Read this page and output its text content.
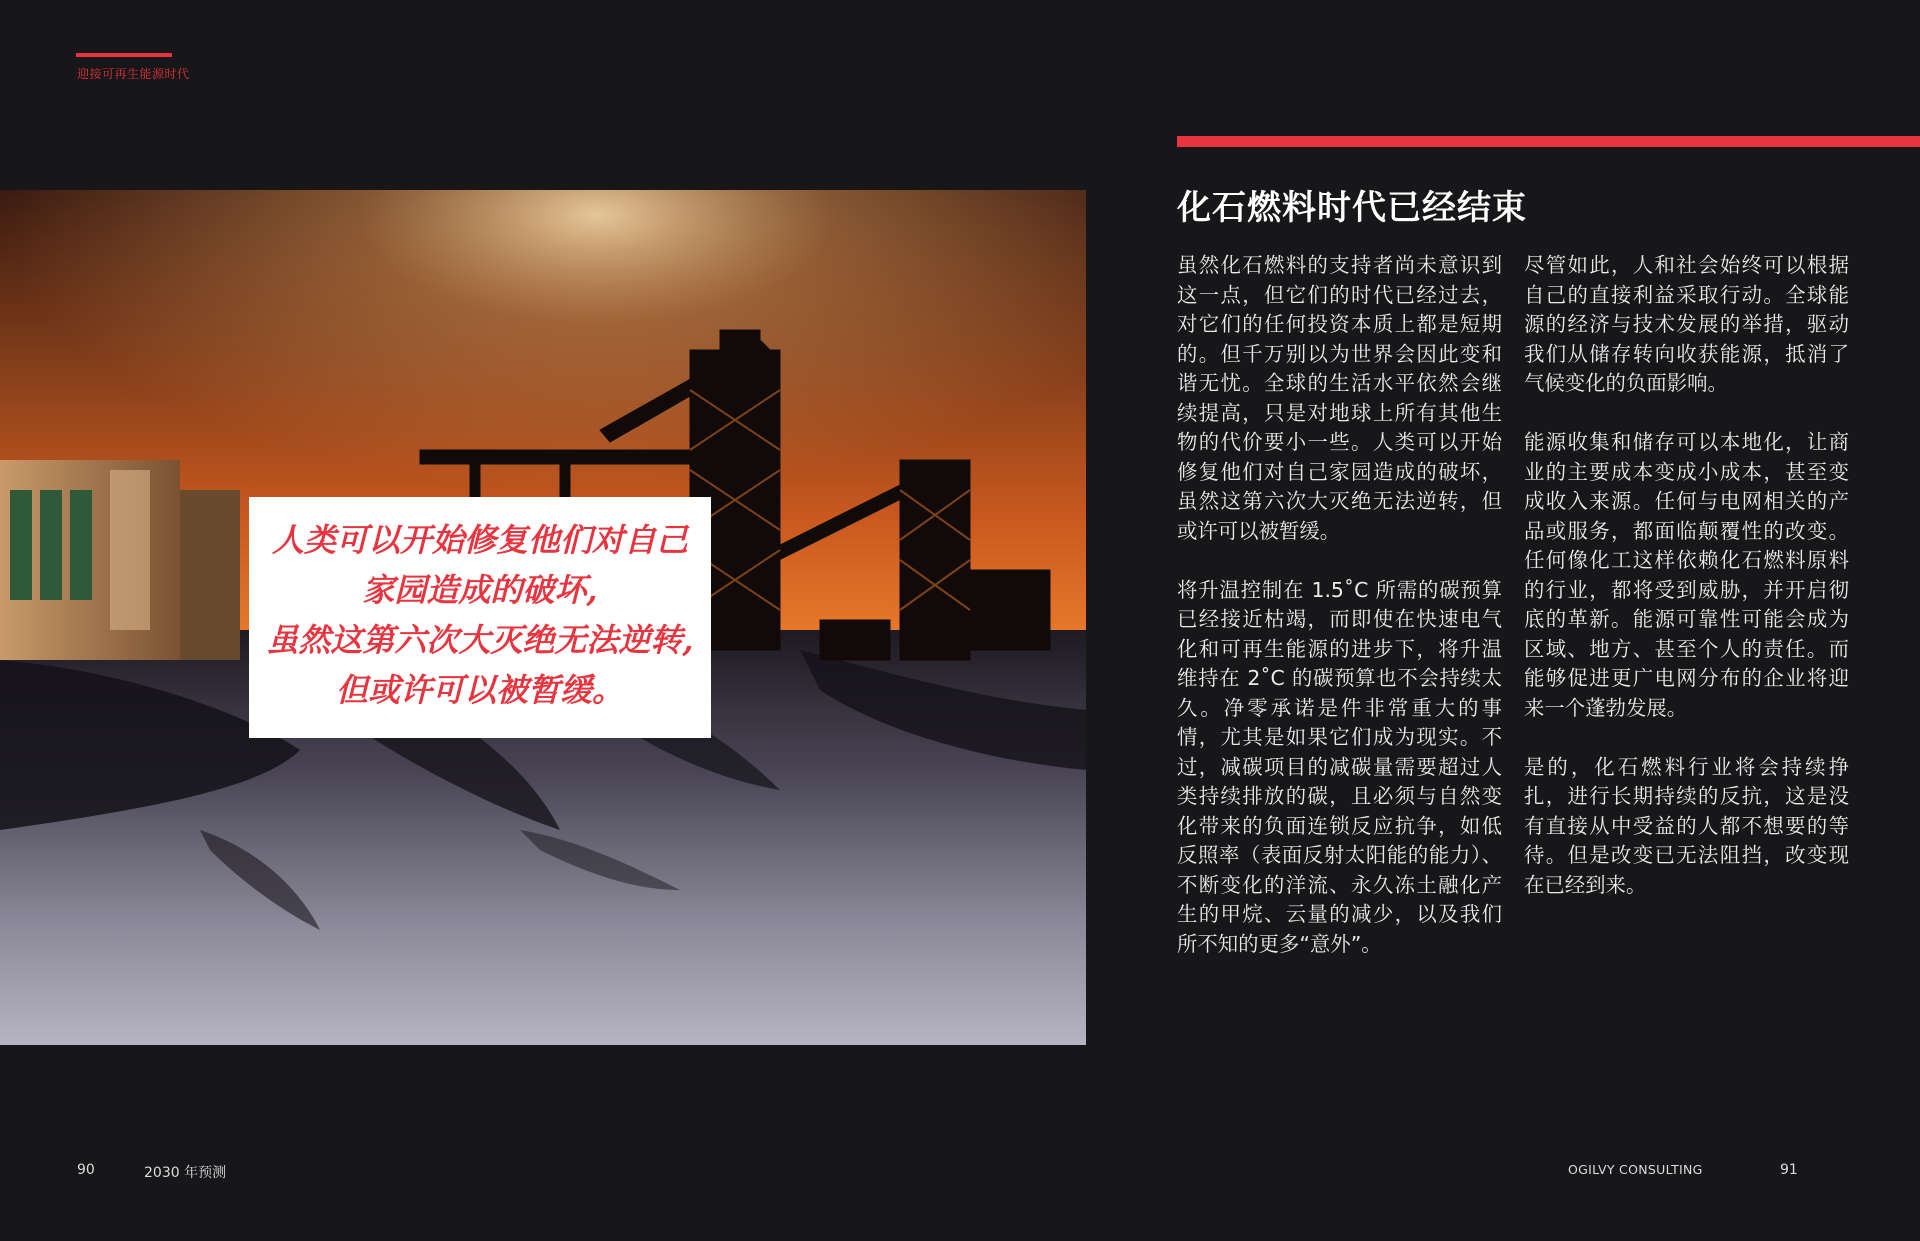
迎接可再生能源时代
人类可以开始修复他们对自己
家园造成的破坏,
虽然这第六次大灭绝无法逆转,
但或许可以被暂缓。
化石燃料时代已经结束

虽然化石燃料的支持者尚未意识到这一点，但它们的时代已经过去，对它们的任何投资本质上都是短期的。但千万别以为世界会因此变和谐无忧。全球的生活水平依然会继续提高，只是对地球上所有其他生物的代价要小一些。人类可以开始修复他们对自己家园造成的破坏，虽然这第六次大灭绝无法逆转，但或许可以被暂缓。

将升温控制在 1.5˚C 所需的碳预算已经接近枯竭，而即使在快速电气化和可再生能源的进步下，将升温维持在 2˚C 的碳预算也不会持续太久。净零承诺是件非常重大的事情，尤其是如果它们成为现实。不过，减碳项目的减碳量需要超过人类持续排放的碳，且必须与自然变化带来的负面连锁反应抗争，如低反照率（表面反射太阳能的能力）、不断变化的洋流、永久冻土融化产生的甲烷、云量的减少，以及我们所不知的更多“意外”。

尽管如此，人和社会始终可以根据自己的直接利益采取行动。全球能源的经济与技术发展的举措，驱动我们从储存转向收获能源，抵消了气候变化的负面影响。

能源收集和储存可以本地化，让商业的主要成本变成小成本，甚至变成收入来源。任何与电网相关的产品或服务，都面临颠覆性的改变。任何像化工这样依赖化石燃料原料的行业，都将受到威胁，并开启彻底的革新。能源可靠性可能会成为区域、地方、甚至个人的责任。而能够促进更广电网分布的企业将迎来一个蓬勃发展。

是的，化石燃料行业将会持续挣扎，进行长期持续的反抗，这是没有直接从中受益的人都不想要的等待。但是改变已无法阻挡，改变现在已经到来。

90	2030 年预测	OGILVY CONSULTING	91
